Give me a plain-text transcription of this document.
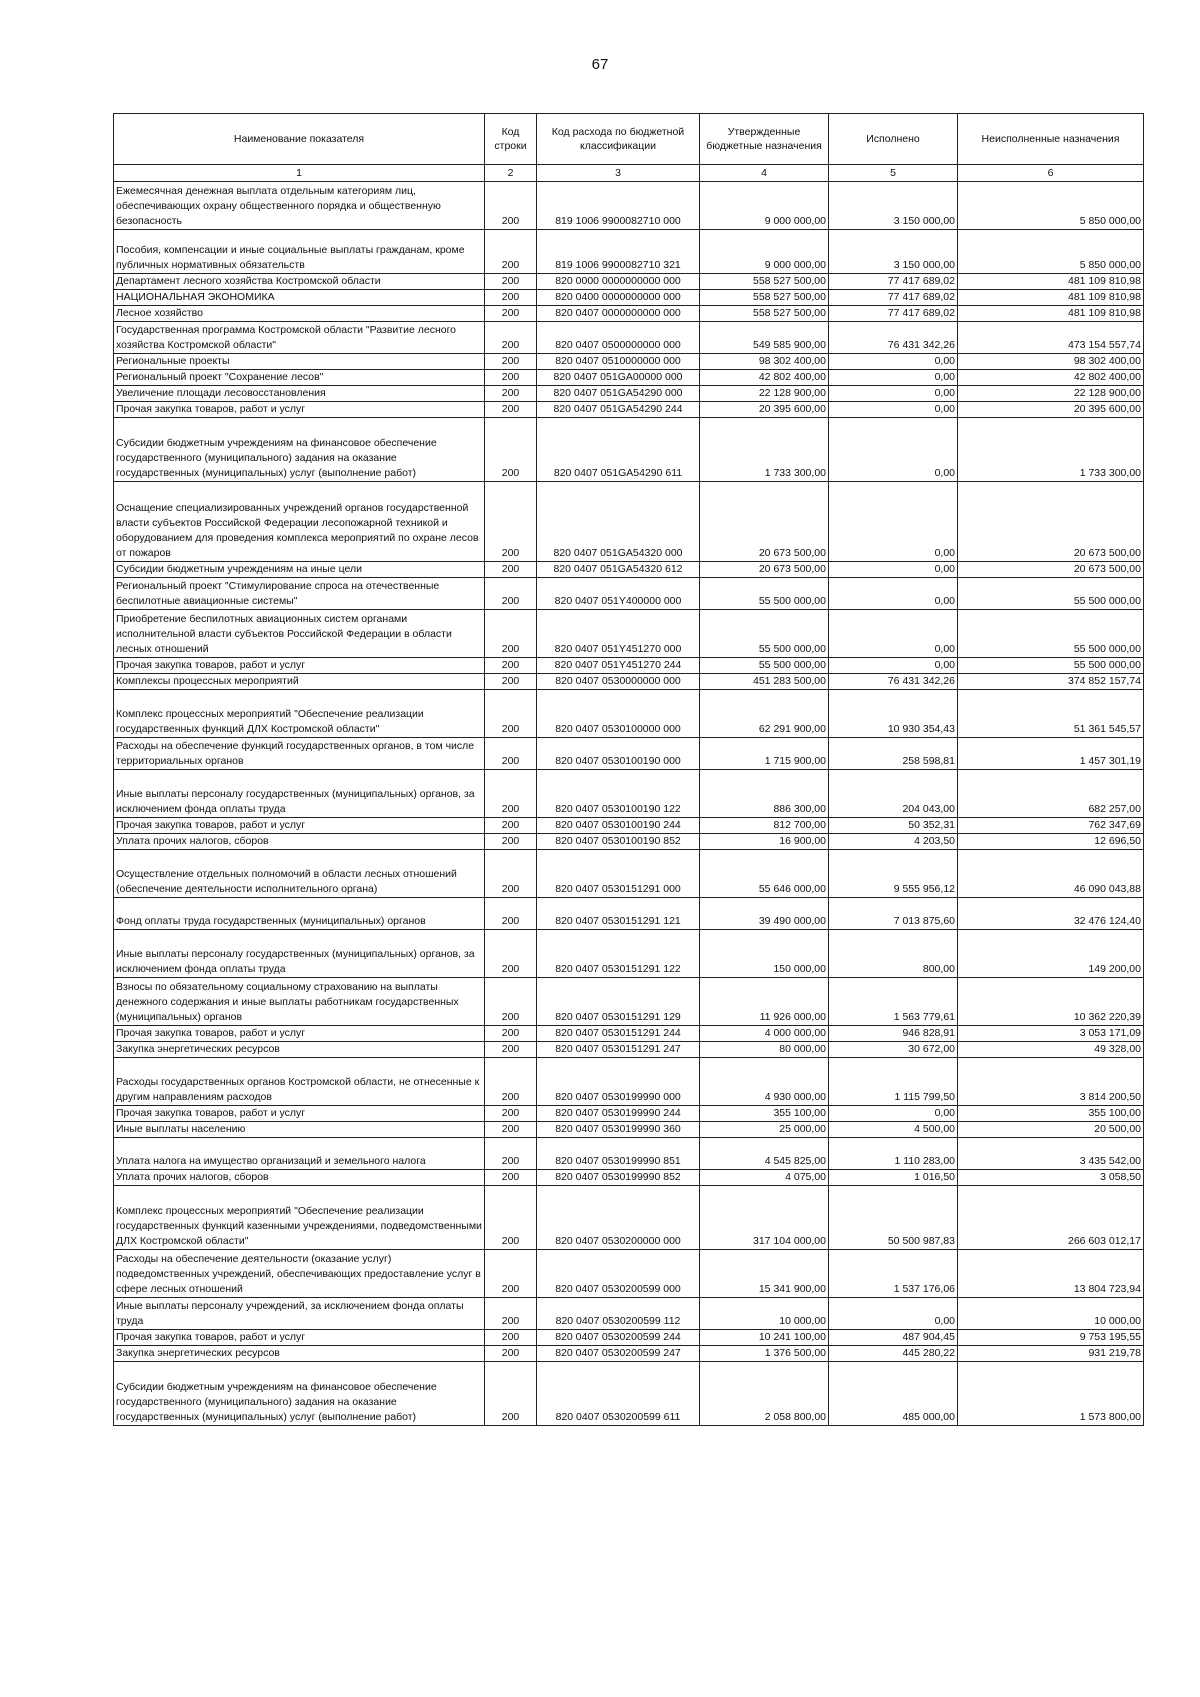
67
Наименование показателя	Код строки	Код расхода по бюджетной классификации	Утвержденные бюджетные назначения	Исполнено	Неисполненные назначения
1	2	3	4	5	6
Ежемесячная денежная выплата отдельным категориям лиц, обеспечивающих охрану общественного порядка и общественную безопасность	200	819 1006 9900082710 000	9 000 000,00	3 150 000,00	5 850 000,00
Пособия, компенсации и иные социальные выплаты гражданам, кроме публичных нормативных обязательств	200	819 1006 9900082710 321	9 000 000,00	3 150 000,00	5 850 000,00
Департамент лесного хозяйства Костромской области	200	820 0000 0000000000 000	558 527 500,00	77 417 689,02	481 109 810,98
НАЦИОНАЛЬНАЯ ЭКОНОМИКА	200	820 0400 0000000000 000	558 527 500,00	77 417 689,02	481 109 810,98
Лесное хозяйство	200	820 0407 0000000000 000	558 527 500,00	77 417 689,02	481 109 810,98
Государственная программа Костромской области "Развитие лесного хозяйства Костромской области"	200	820 0407 0500000000 000	549 585 900,00	76 431 342,26	473 154 557,74
Региональные проекты	200	820 0407 0510000000 000	98 302 400,00	0,00	98 302 400,00
Региональный проект "Сохранение лесов"	200	820 0407 051GA00000 000	42 802 400,00	0,00	42 802 400,00
Увеличение площади лесовосстановления	200	820 0407 051GA54290 000	22 128 900,00	0,00	22 128 900,00
Прочая закупка товаров, работ и услуг	200	820 0407 051GA54290 244	20 395 600,00	0,00	20 395 600,00
Субсидии бюджетным учреждениям на финансовое обеспечение государственного (муниципального) задания на оказание государственных (муниципальных) услуг (выполнение работ)	200	820 0407 051GA54290 611	1 733 300,00	0,00	1 733 300,00
Оснащение специализированных учреждений органов государственной власти субъектов Российской Федерации лесопожарной техникой и оборудованием для проведения комплекса мероприятий по охране лесов от пожаров	200	820 0407 051GA54320 000	20 673 500,00	0,00	20 673 500,00
Субсидии бюджетным учреждениям на иные цели	200	820 0407 051GA54320 612	20 673 500,00	0,00	20 673 500,00
Региональный проект "Стимулирование спроса на отечественные беспилотные авиационные системы"	200	820 0407 051Y400000 000	55 500 000,00	0,00	55 500 000,00
Приобретение беспилотных авиационных систем органами исполнительной власти субъектов Российской Федерации в области лесных отношений	200	820 0407 051Y451270 000	55 500 000,00	0,00	55 500 000,00
Прочая закупка товаров, работ и услуг	200	820 0407 051Y451270 244	55 500 000,00	0,00	55 500 000,00
Комплексы процессных мероприятий	200	820 0407 0530000000 000	451 283 500,00	76 431 342,26	374 852 157,74
Комплекс процессных мероприятий "Обеспечение реализации государственных функций ДЛХ Костромской области"	200	820 0407 0530100000 000	62 291 900,00	10 930 354,43	51 361 545,57
Расходы на обеспечение функций государственных органов, в том числе территориальных органов	200	820 0407 0530100190 000	1 715 900,00	258 598,81	1 457 301,19
Иные выплаты персоналу государственных (муниципальных) органов, за исключением фонда оплаты труда	200	820 0407 0530100190 122	886 300,00	204 043,00	682 257,00
Прочая закупка товаров, работ и услуг	200	820 0407 0530100190 244	812 700,00	50 352,31	762 347,69
Уплата прочих налогов, сборов	200	820 0407 0530100190 852	16 900,00	4 203,50	12 696,50
Осуществление отдельных полномочий в области лесных отношений (обеспечение деятельности исполнительного органа)	200	820 0407 0530151291 000	55 646 000,00	9 555 956,12	46 090 043,88
Фонд оплаты труда государственных (муниципальных) органов	200	820 0407 0530151291 121	39 490 000,00	7 013 875,60	32 476 124,40
Иные выплаты персоналу государственных (муниципальных) органов, за исключением фонда оплаты труда	200	820 0407 0530151291 122	150 000,00	800,00	149 200,00
Взносы по обязательному социальному страхованию на выплаты денежного содержания и иные выплаты работникам государственных (муниципальных) органов	200	820 0407 0530151291 129	11 926 000,00	1 563 779,61	10 362 220,39
Прочая закупка товаров, работ и услуг	200	820 0407 0530151291 244	4 000 000,00	946 828,91	3 053 171,09
Закупка энергетических ресурсов	200	820 0407 0530151291 247	80 000,00	30 672,00	49 328,00
Расходы государственных органов Костромской области, не отнесенные к другим направлениям расходов	200	820 0407 0530199990 000	4 930 000,00	1 115 799,50	3 814 200,50
Прочая закупка товаров, работ и услуг	200	820 0407 0530199990 244	355 100,00	0,00	355 100,00
Иные выплаты населению	200	820 0407 0530199990 360	25 000,00	4 500,00	20 500,00
Уплата налога на имущество организаций и земельного налога	200	820 0407 0530199990 851	4 545 825,00	1 110 283,00	3 435 542,00
Уплата прочих налогов, сборов	200	820 0407 0530199990 852	4 075,00	1 016,50	3 058,50
Комплекс процессных мероприятий "Обеспечение реализации государственных функций казенными учреждениями, подведомственными ДЛХ Костромской области"	200	820 0407 0530200000 000	317 104 000,00	50 500 987,83	266 603 012,17
Расходы на обеспечение деятельности (оказание услуг) подведомственных учреждений, обеспечивающих предоставление услуг в сфере лесных отношений	200	820 0407 0530200599 000	15 341 900,00	1 537 176,06	13 804 723,94
Иные выплаты персоналу учреждений, за исключением фонда оплаты труда	200	820 0407 0530200599 112	10 000,00	0,00	10 000,00
Прочая закупка товаров, работ и услуг	200	820 0407 0530200599 244	10 241 100,00	487 904,45	9 753 195,55
Закупка энергетических ресурсов	200	820 0407 0530200599 247	1 376 500,00	445 280,22	931 219,78
Субсидии бюджетным учреждениям на финансовое обеспечение государственного (муниципального) задания на оказание государственных (муниципальных) услуг (выполнение работ)	200	820 0407 0530200599 611	2 058 800,00	485 000,00	1 573 800,00
